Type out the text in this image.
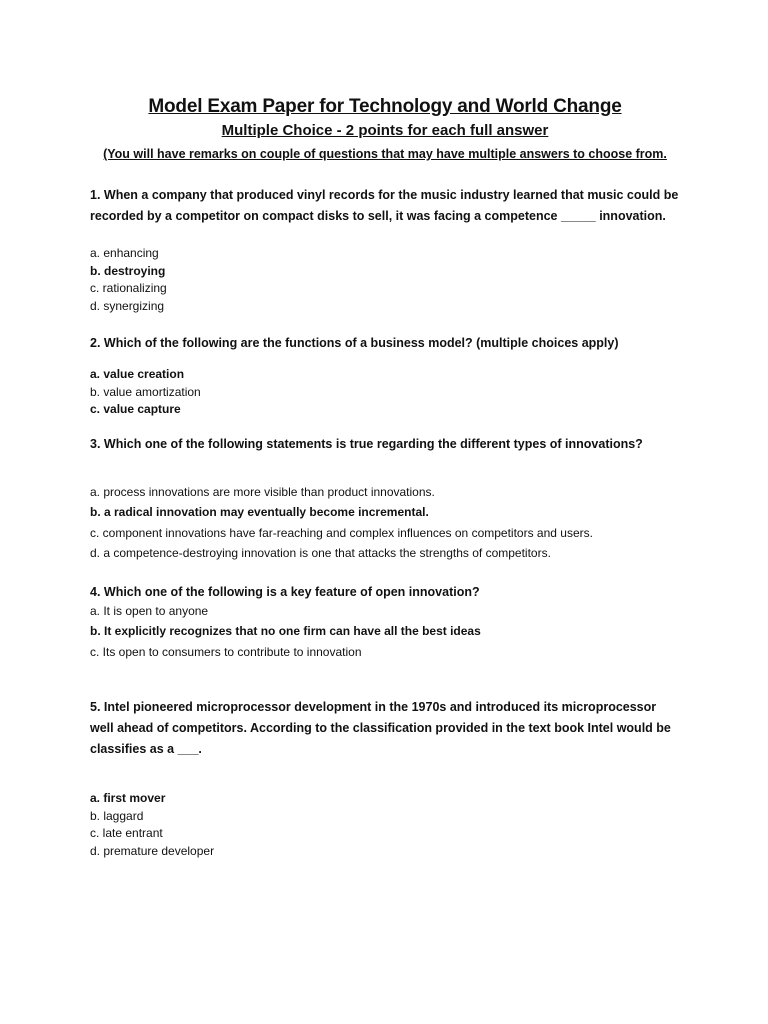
Model Exam Paper for Technology and World Change

Multiple Choice - 2 points for each full answer

(You will have remarks on couple of questions that may have multiple answers to choose from.

1. When a company that produced vinyl records for the music industry learned that music could be recorded by a competitor on compact disks to sell, it was facing a competence _____ innovation.

a. enhancing
b. destroying
c. rationalizing
d. synergizing

2. Which of the following are the functions of a business model? (multiple choices apply)

a. value creation
b. value amortization
c. value capture

3. Which one of the following statements is true regarding the different types of innovations?

a. process innovations are more visible than product innovations.
b. a radical innovation may eventually become incremental.
c. component innovations have far-reaching and complex influences on competitors and users.
d. a competence-destroying innovation is one that attacks the strengths of competitors.

4. Which one of the following is a key feature of open innovation?

a. It is open to anyone
b. It explicitly recognizes that no one firm can have all the best ideas
c. Its open to consumers to contribute to innovation

5. Intel pioneered microprocessor development in the 1970s and introduced its microprocessor well ahead of competitors. According to the classification provided in the text book Intel would be classifies as a ___.

a. first mover
b. laggard
c. late entrant
d. premature developer
